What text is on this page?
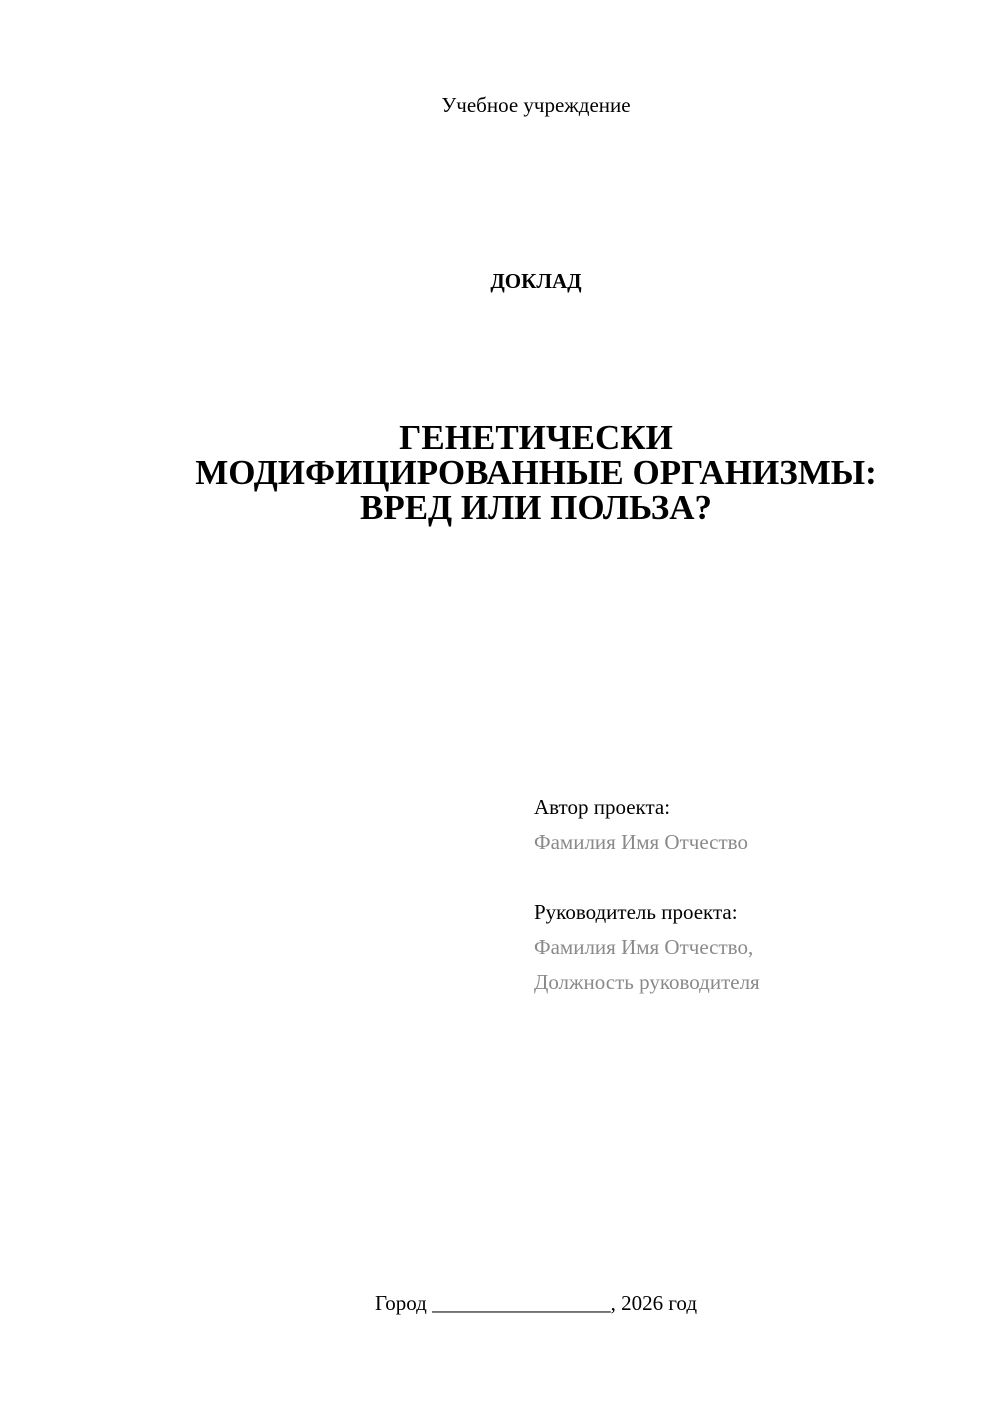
Учебное учреждение
ДОКЛАД
ГЕНЕТИЧЕСКИ
МОДИФИЦИРОВАННЫЕ ОРГАНИЗМЫ:
ВРЕД ИЛИ ПОЛЬЗА?
Автор проекта:
Фамилия Имя Отчество
Руководитель проекта:
Фамилия Имя Отчество,
Должность руководителя
Город _________________, 2026 год
